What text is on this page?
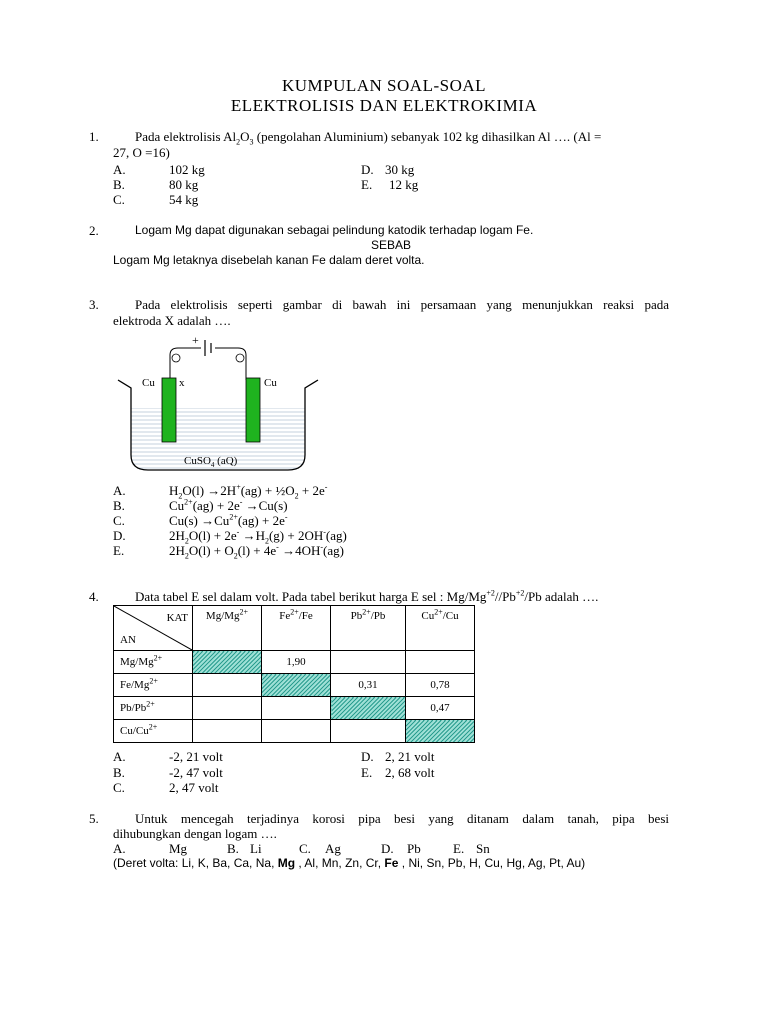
KUMPULAN SOAL-SOAL
ELEKTROLISIS DAN ELEKTROKIMIA
1.	Pada elektrolisis $Al_2O_3$ (pengolahan Aluminium) sebanyak 102 kg dihasilkan Al …. (Al =
27, O =16)
A.	102 kg
B.	80 kg
C.	54 kg
D. 30 kg
E. 12 kg
2.	Logam Mg dapat digunakan sebagai pelindung katodik terhadap logam Fe.
SEBAB
Logam Mg letaknya disebelah kanan Fe dalam deret volta.
3.	Pada elektrolisis seperti gambar di bawah ini persamaan yang menunjukkan reaksi pada
elektroda X adalah ….
+
Cu x	Cu
CuSO$_4$ (aQ)
A.	$H_2O(l) \to 2H^+(ag)$ + $\frac{1}{2}O_2 + 2e^-$
B.	$Cu^{2+}(ag) + 2e^- \to Cu(s)$
C.	$Cu(s) \to Cu^{2+}(ag) + 2e^-$
D.	$2H_2O(l) + 2e^- \to H_2(g) + 2OH^-(ag)$
E.	$2H_2O(l) + O_2(l) + 4e^- \to 4OH^-(ag)$
4.	Data tabel E sel dalam volt. Pada tabel berikut harga E sel : $Mg/Mg^{+2}//Pb^{+2}/Pb$ adalah ….
KAT
AN	$Mg/Mg^{2+}$	$Fe^{2+}/Fe$	$Pb^{2+}/Pb$	$Cu^{2+}/Cu$
$Mg/Mg^{2+}$		1,90		
$Fe/Mg^{2+}$			0,31	0,78
$Pb/Pb^{2+}$				0,47
$Cu/Cu^{2+}$				
A.	-2, 21 volt
B.	-2, 47 volt
C.	2, 47 volt
D. 2, 21 volt
E. 2, 68 volt
5.	Untuk mencegah terjadinya korosi pipa besi yang ditanam dalam tanah, pipa besi
dihubungkan dengan logam ….
A.	Mg	B. Li	C. Ag	D. Pb E. Sn
(Deret volta: Li, K, Ba, Ca, Na, Mg , Al, Mn, Zn, Cr, Fe , Ni, Sn, Pb, H, Cu, Hg, Ag, Pt, Au)
